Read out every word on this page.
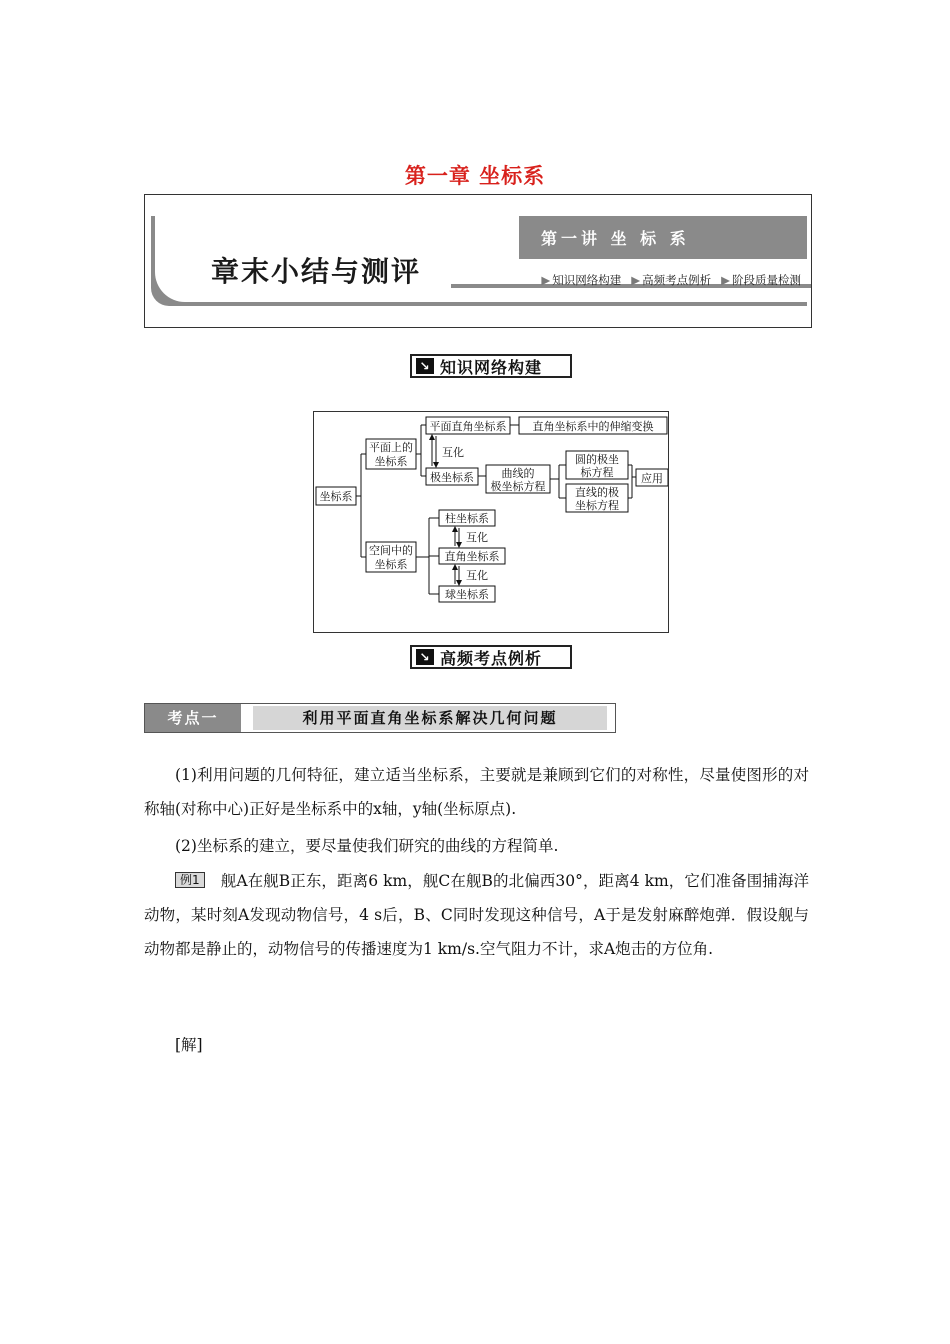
第一章 坐标系
第一讲 坐 标 系
章末小结与测评	▶ 知识网络构建 ▶ 高频考点例析 ▶ 阶段质量检测
↘ 知识网络构建
坐标系
平面上的
坐标系
空间中的
坐标系
平面直角坐标系 直角坐标系中的伸缩变换
极坐标系
互化
曲线的
极坐标方程
圆的极坐
标方程
直线的极
坐标方程
应用
柱坐标系
直角坐标系
球坐标系
互化
互化
↘ 高频考点例析
考点一	利用平面直角坐标系解决几何问题
(1)利用问题的几何特征，建立适当坐标系，主要就是兼顾到它们的对称性，尽量使图形的对称轴(对称中心)正好是坐标系中的x轴，y轴(坐标原点).
(2)坐标系的建立，要尽量使我们研究的曲线的方程简单.
例1 舰A在舰B正东，距离6 km，舰C在舰B的北偏西30°，距离4 km，它们准备围捕海洋动物，某时刻A发现动物信号，4 s后，B、C同时发现这种信号，A于是发射麻醉炮弹．假设舰与动物都是静止的，动物信号的传播速度为1 km/s.空气阻力不计，求A炮击的方位角.
[解]
